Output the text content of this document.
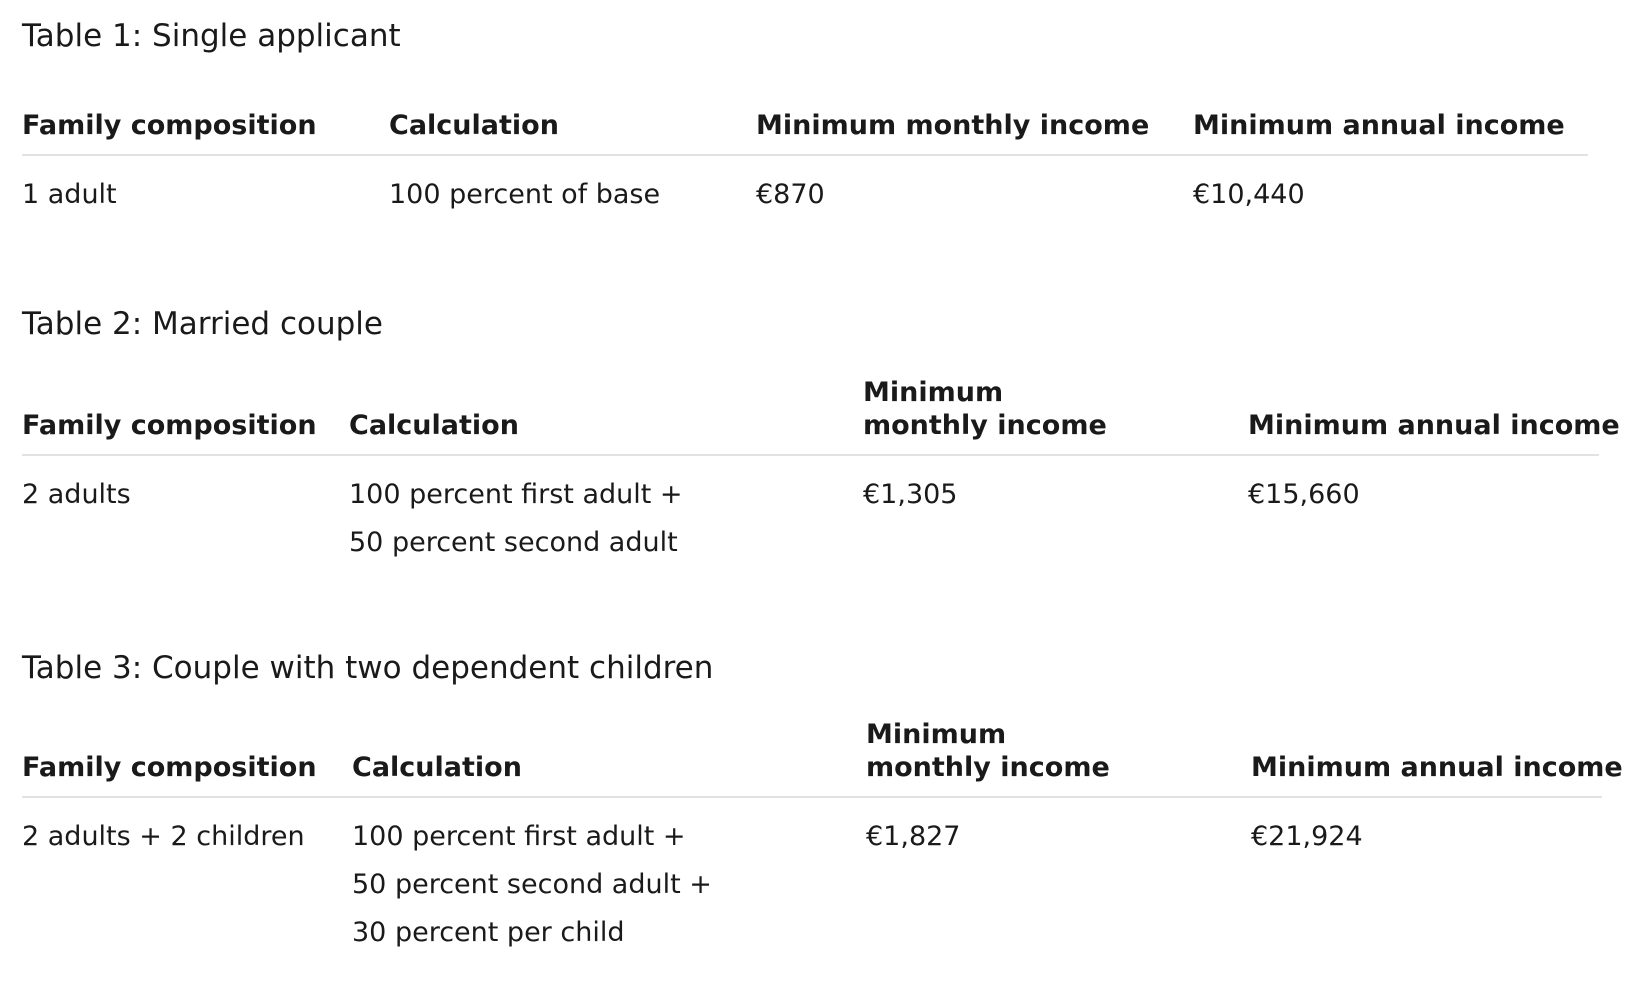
Table 1: Single applicant
Family composition	Calculation	Minimum monthly income	Minimum annual income
1 adult	100 percent of base	€870	€10,440
Table 2: Married couple
Family composition	Calculation	Minimum monthly income	Minimum annual income
2 adults	100 percent first adult + 50 percent second adult	€1,305	€15,660
Table 3: Couple with two dependent children
Family composition	Calculation	Minimum monthly income	Minimum annual income
2 adults + 2 children	100 percent first adult + 50 percent second adult + 30 percent per child	€1,827	€21,924
